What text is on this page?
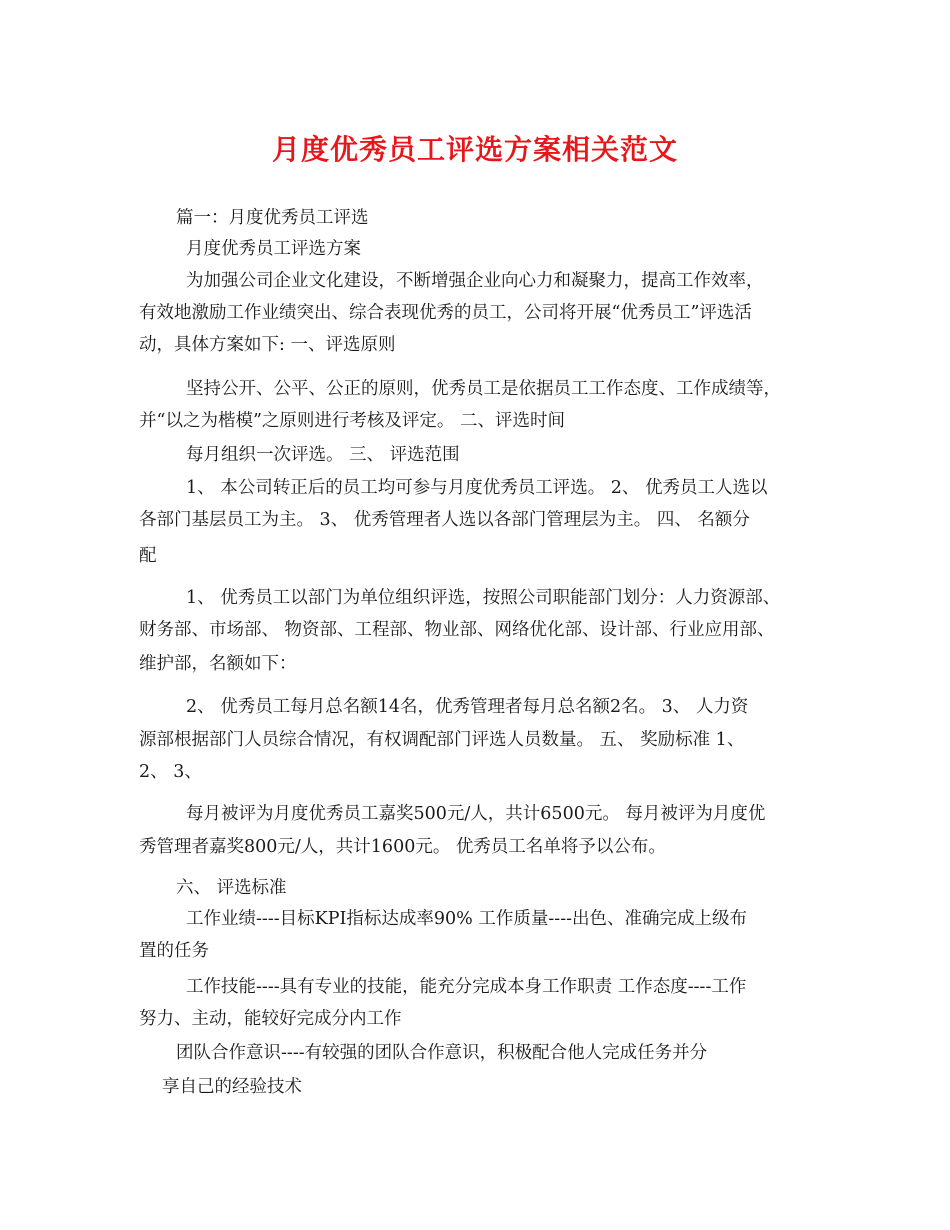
月度优秀员工评选方案相关范文
篇一：月度优秀员工评选
月度优秀员工评选方案
为加强公司企业文化建设，不断增强企业向心力和凝聚力，提高工作效率，
有效地激励工作业绩突出、综合表现优秀的员工，公司将开展“优秀员工”评选活
动，具体方案如下: 一、评选原则
坚持公开、公平、公正的原则，优秀员工是依据员工工作态度、工作成绩等，
并“以之为楷模”之原则进行考核及评定。 二、评选时间
每月组织一次评选。 三、 评选范围
1、 本公司转正后的员工均可参与月度优秀员工评选。 2、 优秀员工人选以
各部门基层员工为主。 3、 优秀管理者人选以各部门管理层为主。 四、 名额分
配
1、 优秀员工以部门为单位组织评选，按照公司职能部门划分：人力资源部、
财务部、市场部、 物资部、工程部、物业部、网络优化部、设计部、行业应用部、
维护部，名额如下：
2、 优秀员工每月总名额14名，优秀管理者每月总名额2名。 3、 人力资
源部根据部门人员综合情况，有权调配部门评选人员数量。 五、 奖励标准 1、
2、 3、
每月被评为月度优秀员工嘉奖500元/人，共计6500元。 每月被评为月度优
秀管理者嘉奖800元/人，共计1600元。 优秀员工名单将予以公布。
六、 评选标准
工作业绩----目标KPI指标达成率90% 工作质量----出色、准确完成上级布
置的任务
工作技能----具有专业的技能，能充分完成本身工作职责 工作态度----工作
努力、主动，能较好完成分内工作
团队合作意识----有较强的团队合作意识，积极配合他人完成任务并分
享自己的经验技术
